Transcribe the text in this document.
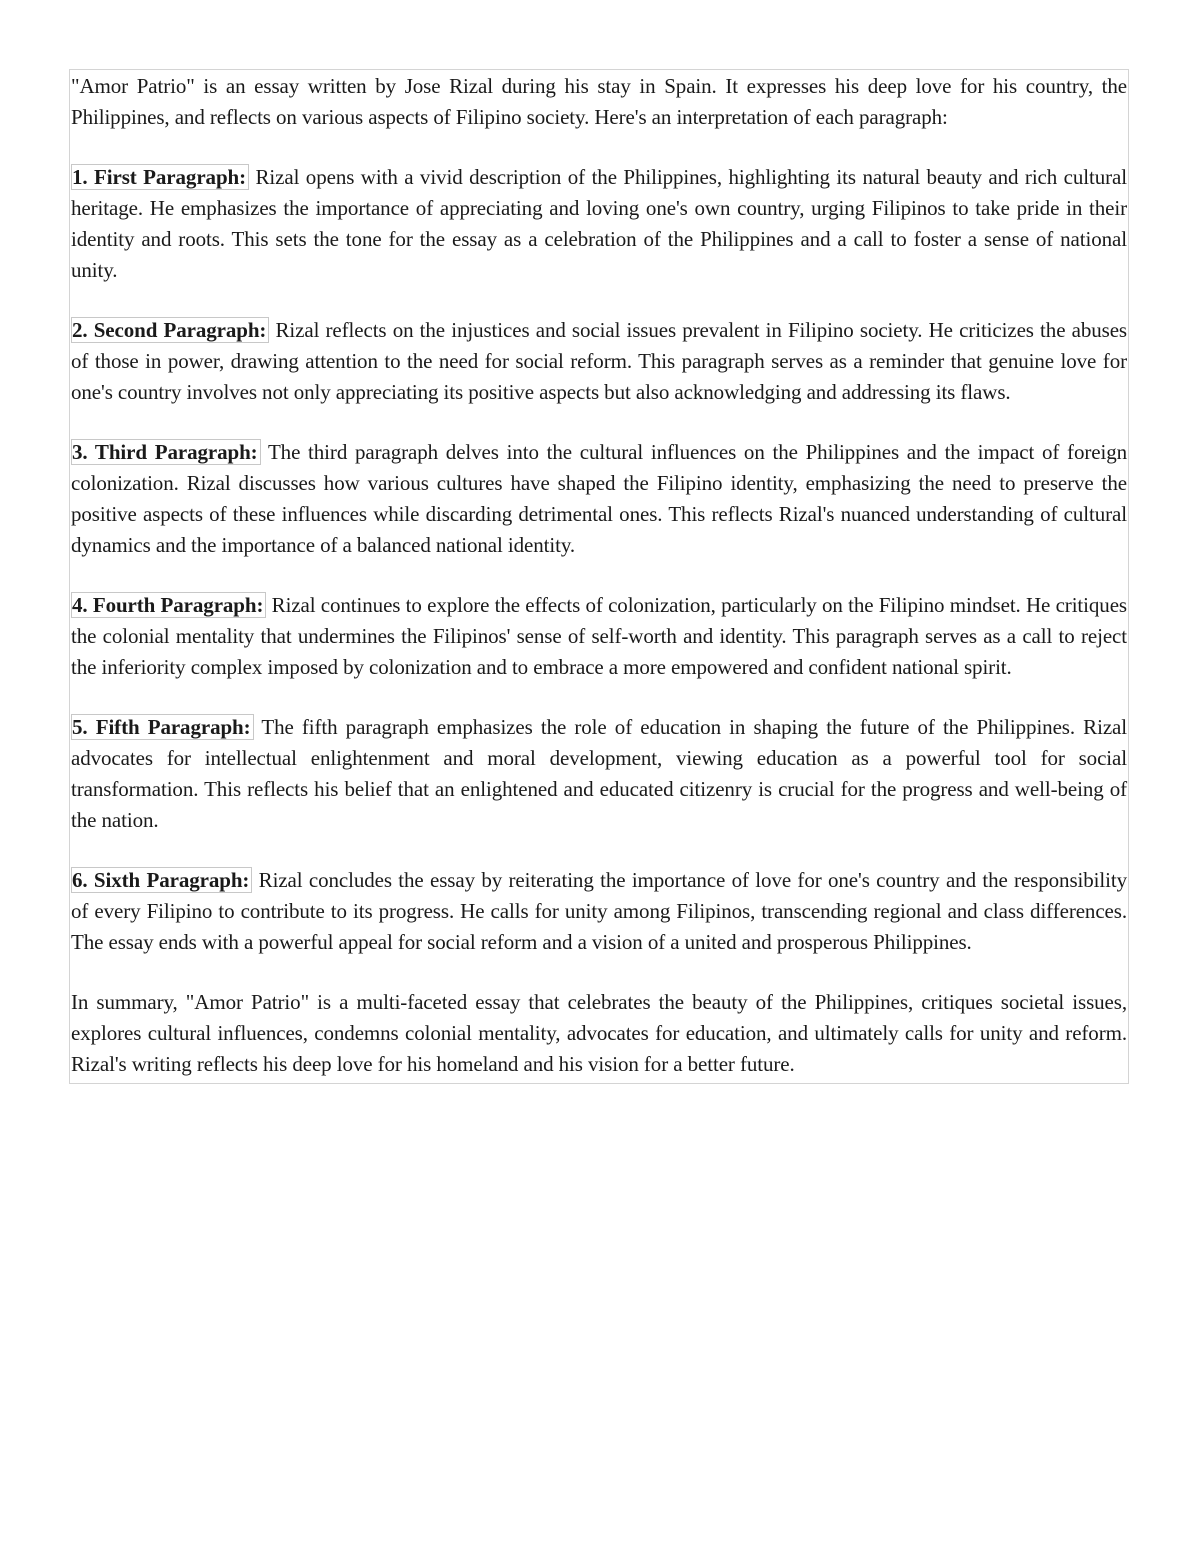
"Amor Patrio" is an essay written by Jose Rizal during his stay in Spain. It expresses his deep love for his country, the Philippines, and reflects on various aspects of Filipino society. Here's an interpretation of each paragraph:

1. First Paragraph: Rizal opens with a vivid description of the Philippines, highlighting its natural beauty and rich cultural heritage. He emphasizes the importance of appreciating and loving one's own country, urging Filipinos to take pride in their identity and roots. This sets the tone for the essay as a celebration of the Philippines and a call to foster a sense of national unity.

2. Second Paragraph: Rizal reflects on the injustices and social issues prevalent in Filipino society. He criticizes the abuses of those in power, drawing attention to the need for social reform. This paragraph serves as a reminder that genuine love for one's country involves not only appreciating its positive aspects but also acknowledging and addressing its flaws.

3. Third Paragraph: The third paragraph delves into the cultural influences on the Philippines and the impact of foreign colonization. Rizal discusses how various cultures have shaped the Filipino identity, emphasizing the need to preserve the positive aspects of these influences while discarding detrimental ones. This reflects Rizal's nuanced understanding of cultural dynamics and the importance of a balanced national identity.

4. Fourth Paragraph: Rizal continues to explore the effects of colonization, particularly on the Filipino mindset. He critiques the colonial mentality that undermines the Filipinos' sense of self-worth and identity. This paragraph serves as a call to reject the inferiority complex imposed by colonization and to embrace a more empowered and confident national spirit.

5. Fifth Paragraph: The fifth paragraph emphasizes the role of education in shaping the future of the Philippines. Rizal advocates for intellectual enlightenment and moral development, viewing education as a powerful tool for social transformation. This reflects his belief that an enlightened and educated citizenry is crucial for the progress and well-being of the nation.

6. Sixth Paragraph: Rizal concludes the essay by reiterating the importance of love for one's country and the responsibility of every Filipino to contribute to its progress. He calls for unity among Filipinos, transcending regional and class differences. The essay ends with a powerful appeal for social reform and a vision of a united and prosperous Philippines.

In summary, "Amor Patrio" is a multi-faceted essay that celebrates the beauty of the Philippines, critiques societal issues, explores cultural influences, condemns colonial mentality, advocates for education, and ultimately calls for unity and reform. Rizal's writing reflects his deep love for his homeland and his vision for a better future.
